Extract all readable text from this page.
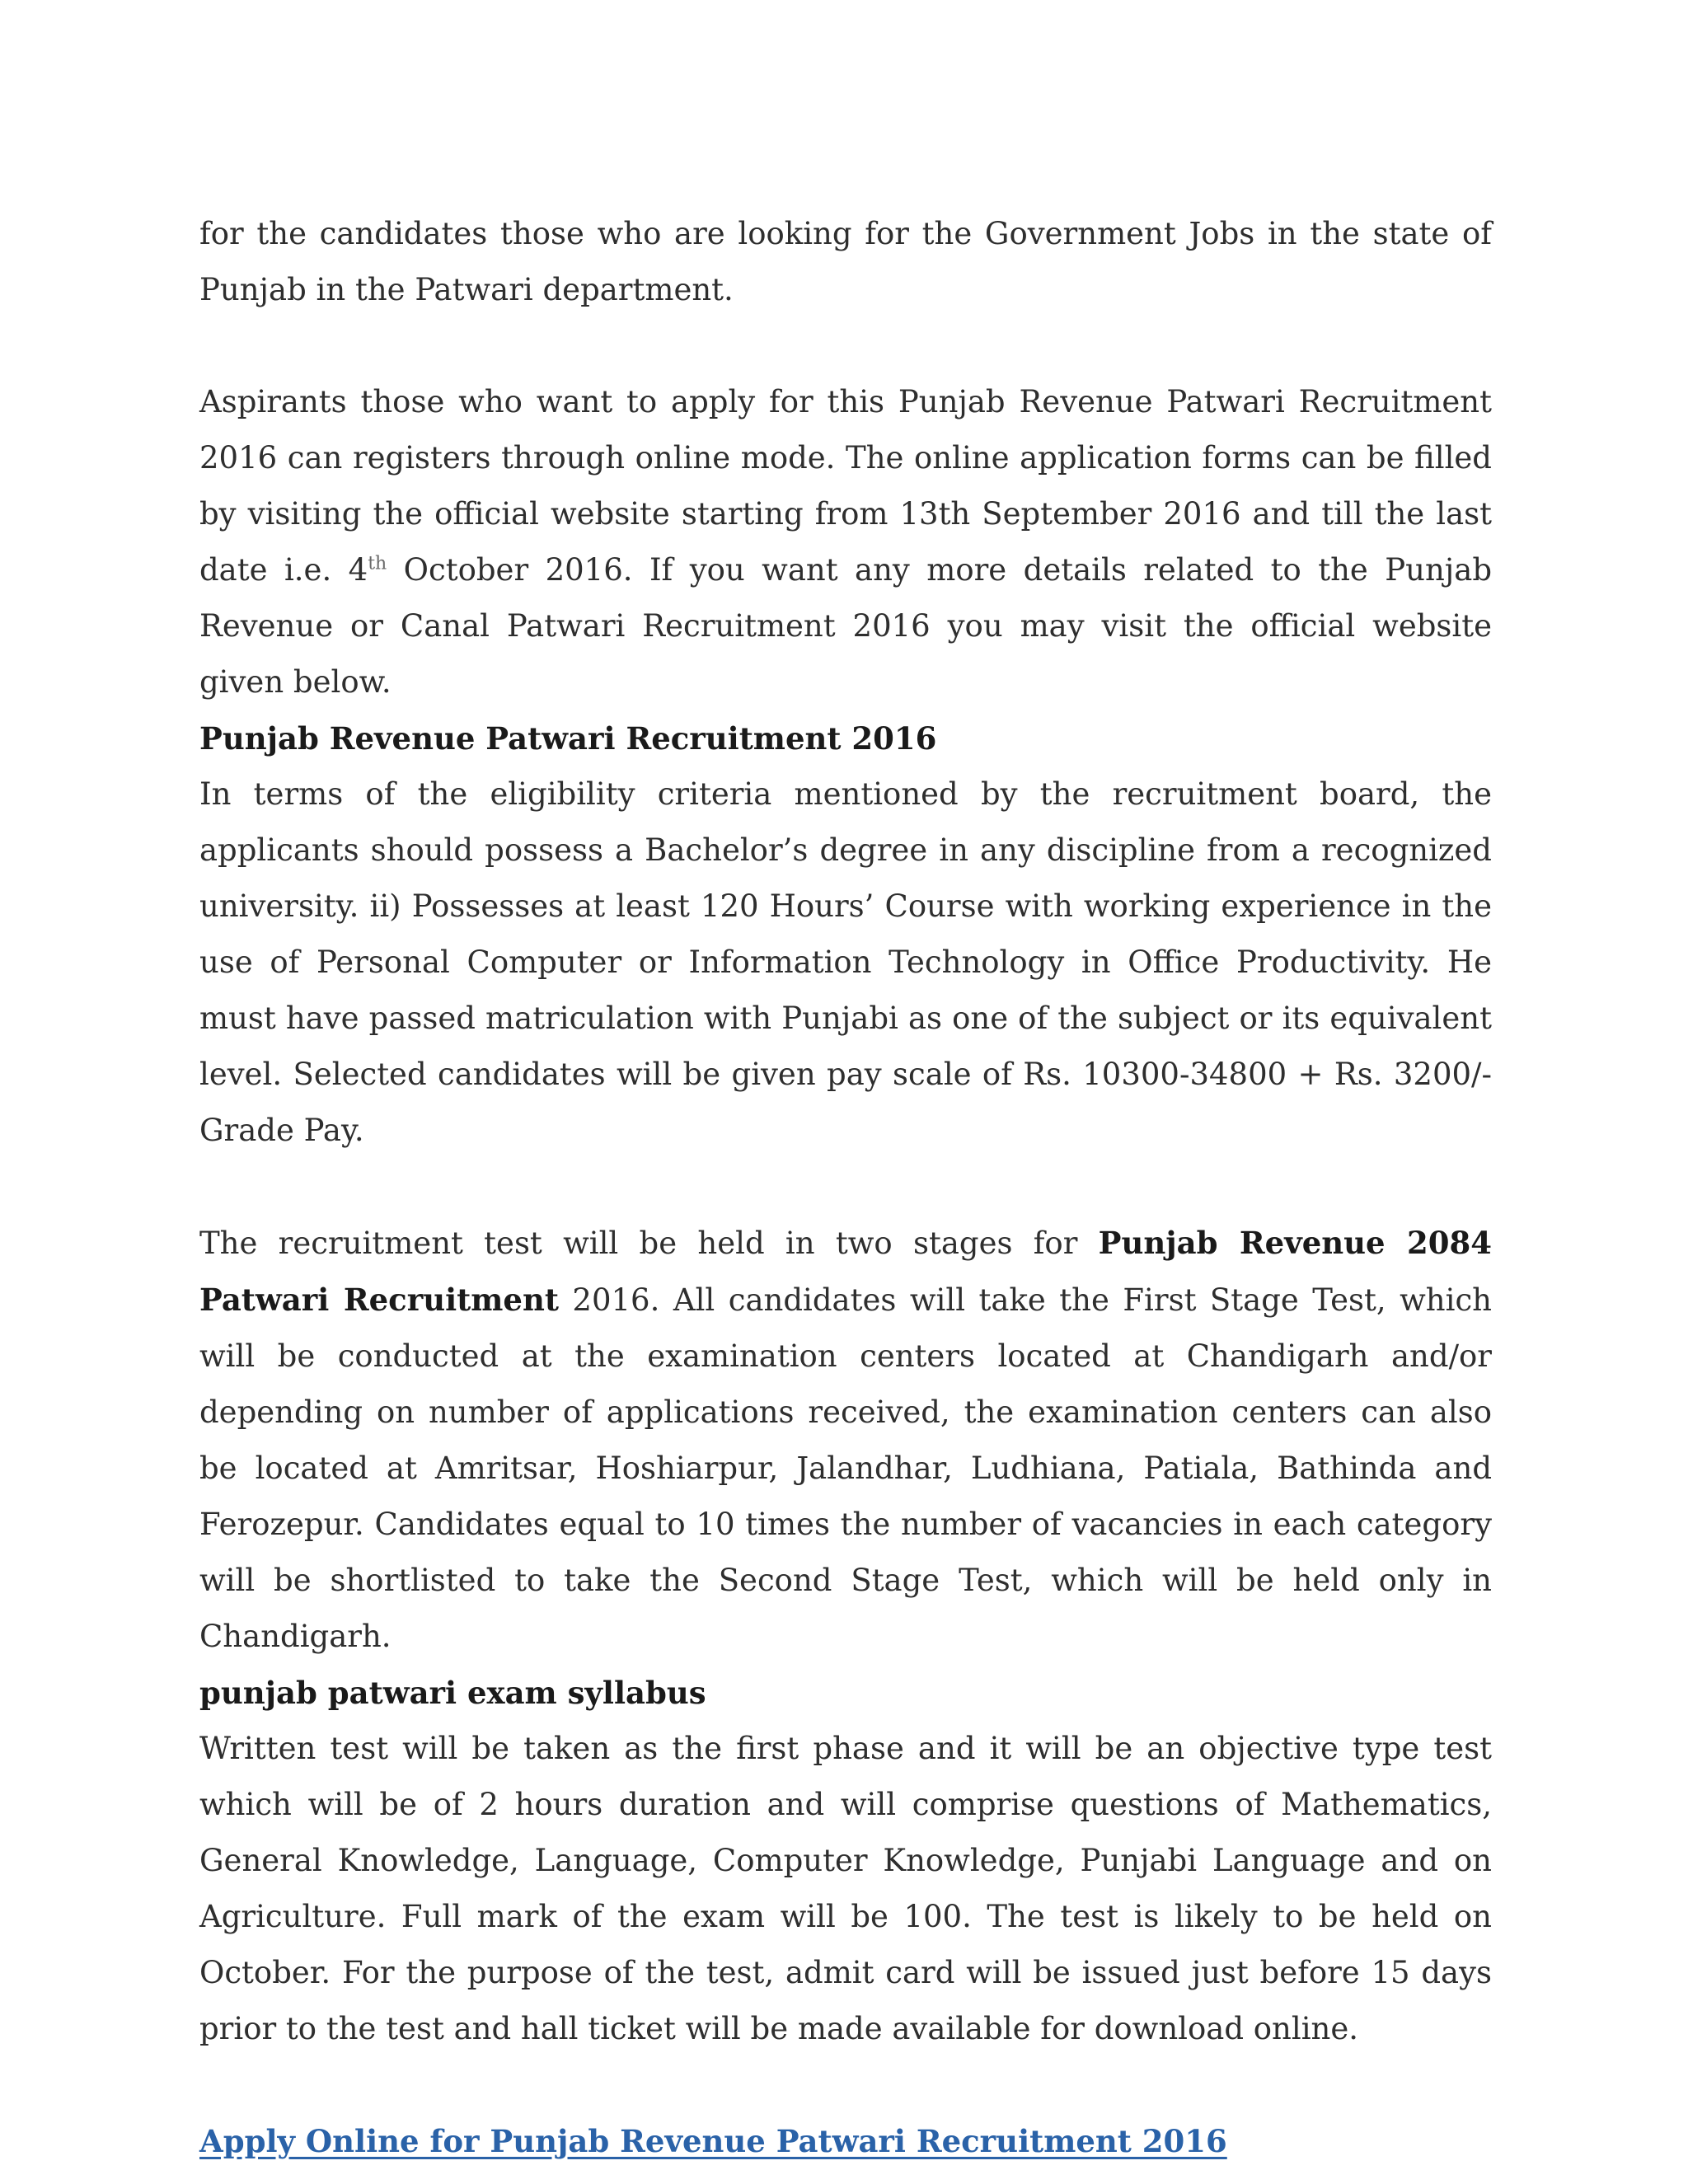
for the candidates those who are looking for the Government Jobs in the state of Punjab in the Patwari department.

Aspirants those who want to apply for this Punjab Revenue Patwari Recruitment 2016 can registers through online mode. The online application forms can be filled by visiting the official website starting from 13th September 2016 and till the last date i.e. 4th October 2016. If you want any more details related to the Punjab Revenue or Canal Patwari Recruitment 2016 you may visit the official website given below.

Punjab Revenue Patwari Recruitment 2016

In terms of the eligibility criteria mentioned by the recruitment board, the applicants should possess a Bachelor’s degree in any discipline from a recognized university. ii) Possesses at least 120 Hours’ Course with working experience in the use of Personal Computer or Information Technology in Office Productivity. He must have passed matriculation with Punjabi as one of the subject or its equivalent level. Selected candidates will be given pay scale of Rs. 10300-34800 + Rs. 3200/- Grade Pay.

The recruitment test will be held in two stages for Punjab Revenue 2084 Patwari Recruitment 2016. All candidates will take the First Stage Test, which will be conducted at the examination centers located at Chandigarh and/or depending on number of applications received, the examination centers can also be located at Amritsar, Hoshiarpur, Jalandhar, Ludhiana, Patiala, Bathinda and Ferozepur. Candidates equal to 10 times the number of vacancies in each category will be shortlisted to take the Second Stage Test, which will be held only in Chandigarh.

punjab patwari exam syllabus

Written test will be taken as the first phase and it will be an objective type test which will be of 2 hours duration and will comprise questions of Mathematics, General Knowledge, Language, Computer Knowledge, Punjabi Language and on Agriculture. Full mark of the exam will be 100. The test is likely to be held on October. For the purpose of the test, admit card will be issued just before 15 days prior to the test and hall ticket will be made available for download online.

Apply Online for Punjab Revenue Patwari Recruitment 2016
